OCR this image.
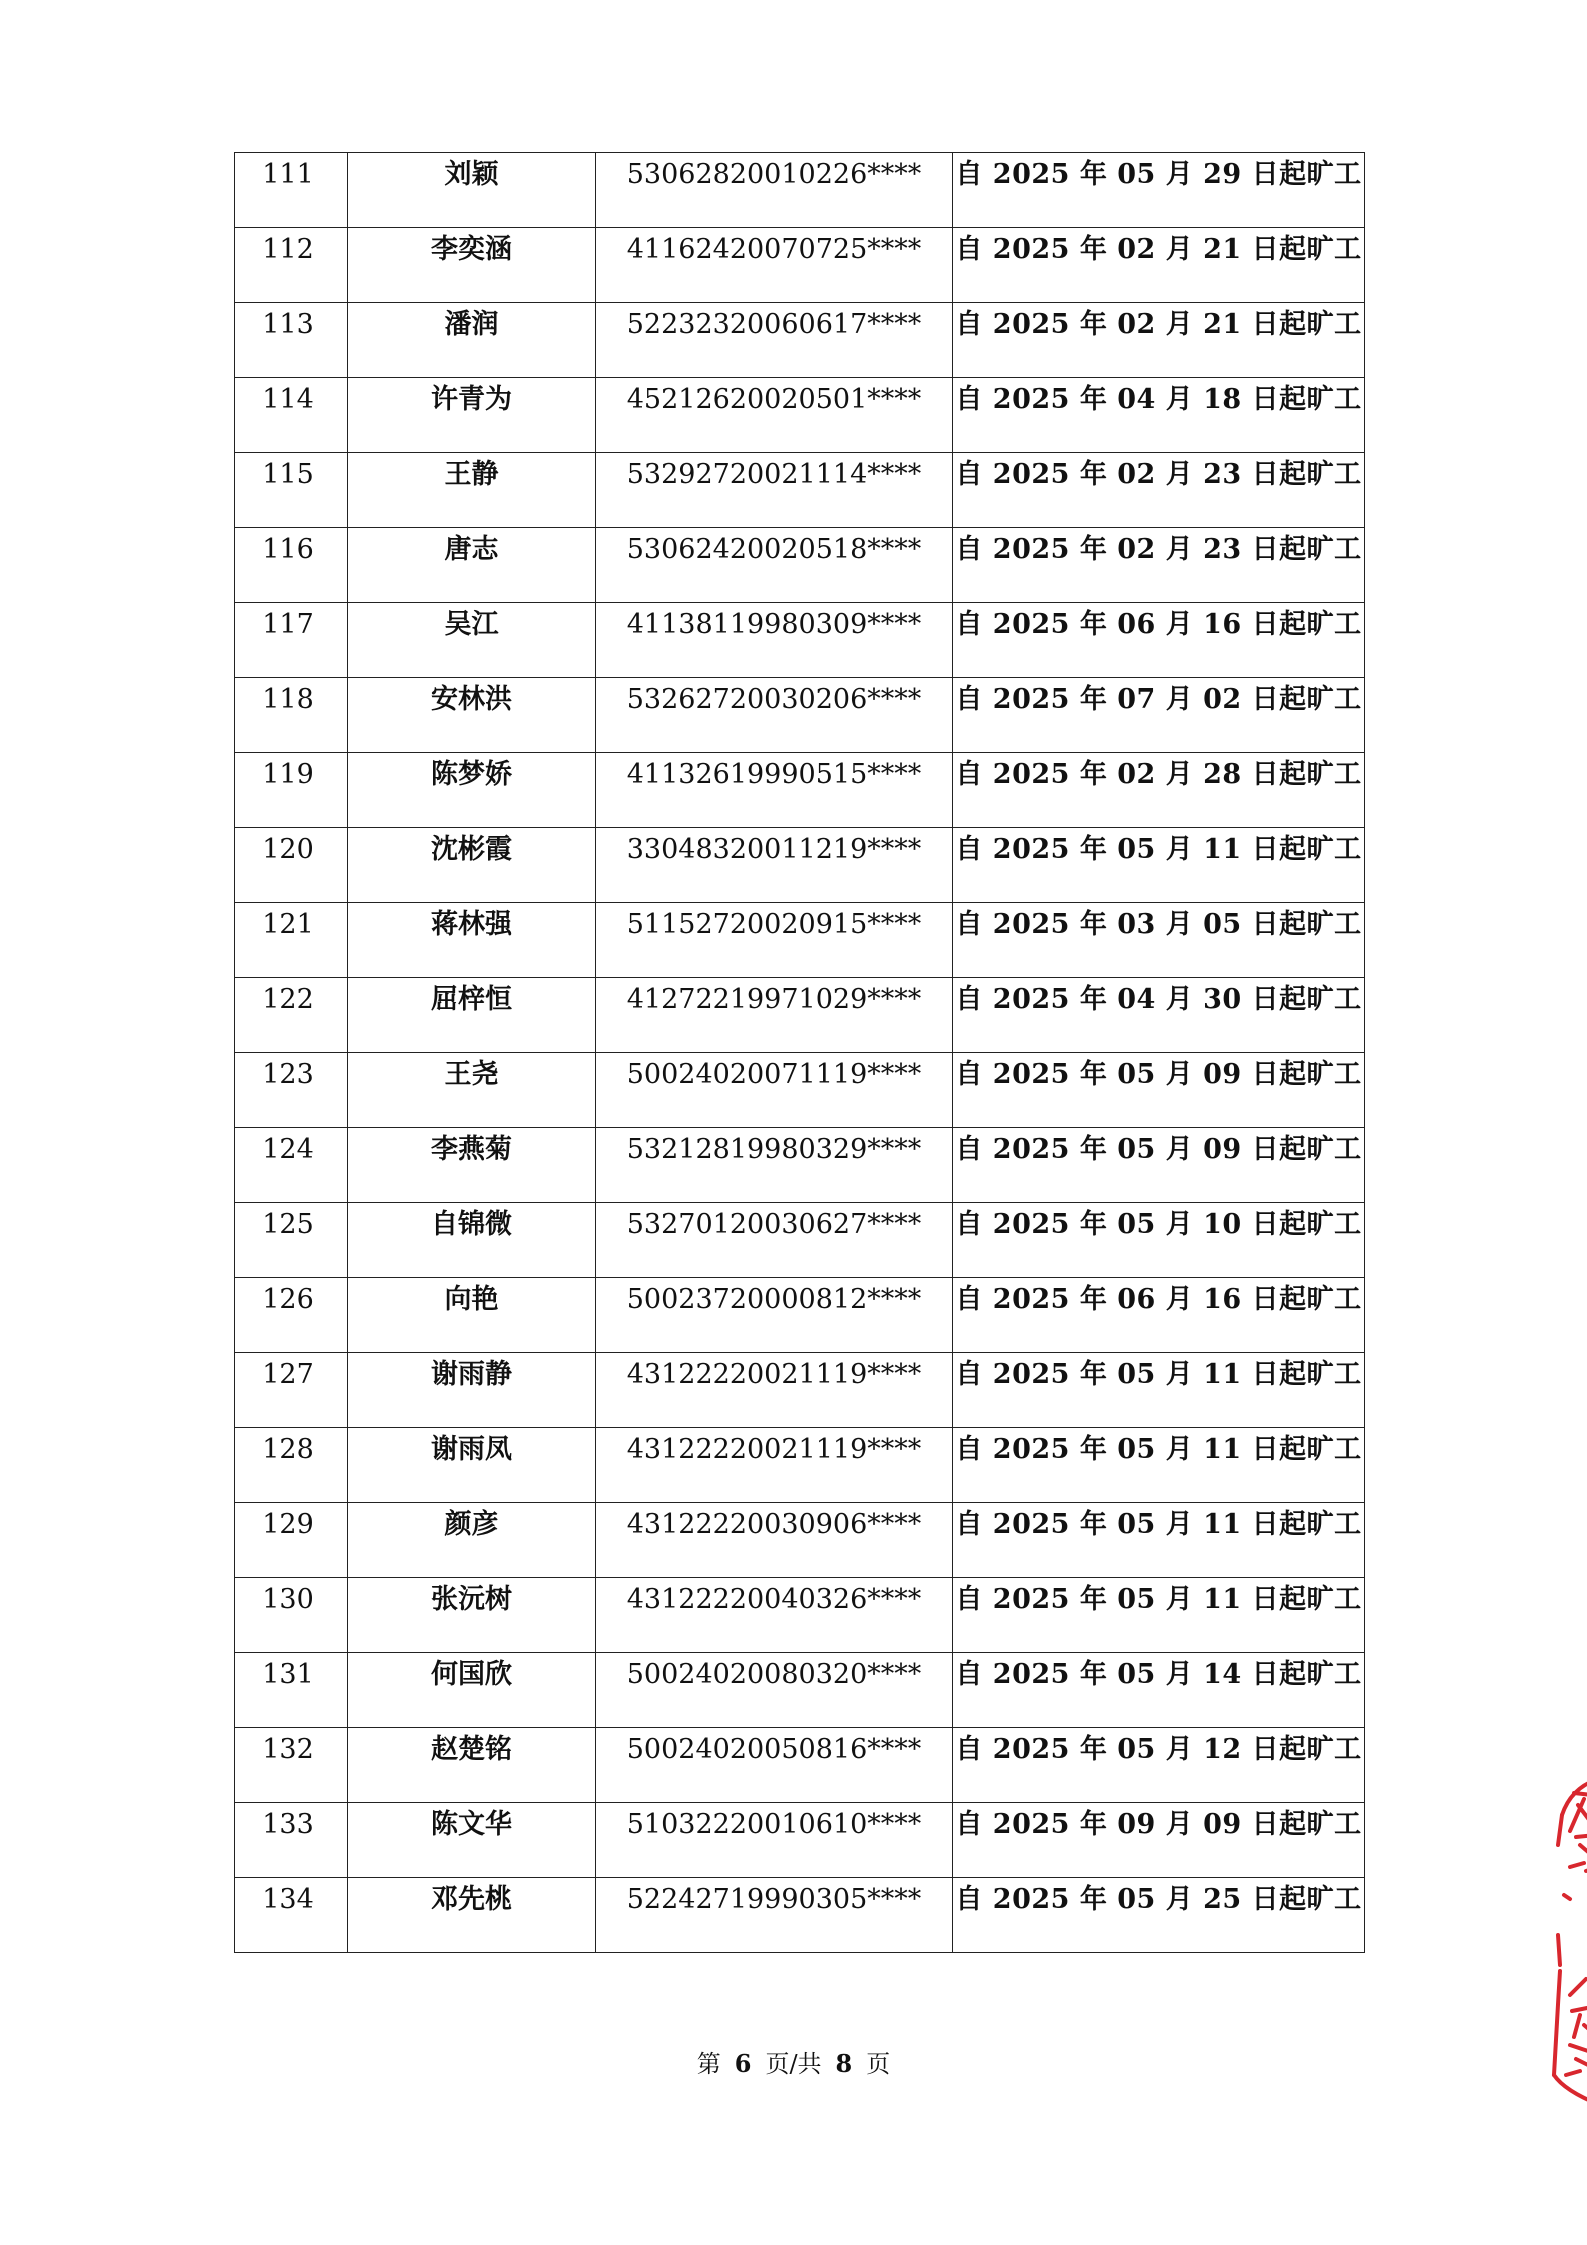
111	刘颖	53062820010226****	自 2025 年 05 月 29 日起旷工

112	李奕涵	41162420070725****	自 2025 年 02 月 21 日起旷工

113	潘润	52232320060617****	自 2025 年 02 月 21 日起旷工

114	许青为	45212620020501****	自 2025 年 04 月 18 日起旷工

115	王静	53292720021114****	自 2025 年 02 月 23 日起旷工

116	唐志	53062420020518****	自 2025 年 02 月 23 日起旷工

117	吴江	41138119980309****	自 2025 年 06 月 16 日起旷工

118	安林洪	53262720030206****	自 2025 年 07 月 02 日起旷工

119	陈梦娇	41132619990515****	自 2025 年 02 月 28 日起旷工

120	沈彬霞	33048320011219****	自 2025 年 05 月 11 日起旷工

121	蒋林强	51152720020915****	自 2025 年 03 月 05 日起旷工

122	屈梓恒	41272219971029****	自 2025 年 04 月 30 日起旷工

123	王尧	50024020071119****	自 2025 年 05 月 09 日起旷工

124	李燕菊	53212819980329****	自 2025 年 05 月 09 日起旷工

125	自锦微	53270120030627****	自 2025 年 05 月 10 日起旷工

126	向艳	50023720000812****	自 2025 年 06 月 16 日起旷工

127	谢雨静	43122220021119****	自 2025 年 05 月 11 日起旷工

128	谢雨凤	43122220021119****	自 2025 年 05 月 11 日起旷工

129	颜彦	43122220030906****	自 2025 年 05 月 11 日起旷工

130	张沅树	43122220040326****	自 2025 年 05 月 11 日起旷工

131	何国欣	50024020080320****	自 2025 年 05 月 14 日起旷工

132	赵楚铭	50024020050816****	自 2025 年 05 月 12 日起旷工

133	陈文华	51032220010610****	自 2025 年 09 月 09 日起旷工

134	邓先桃	52242719990305****	自 2025 年 05 月 25 日起旷工
第 6 页/共 8 页
